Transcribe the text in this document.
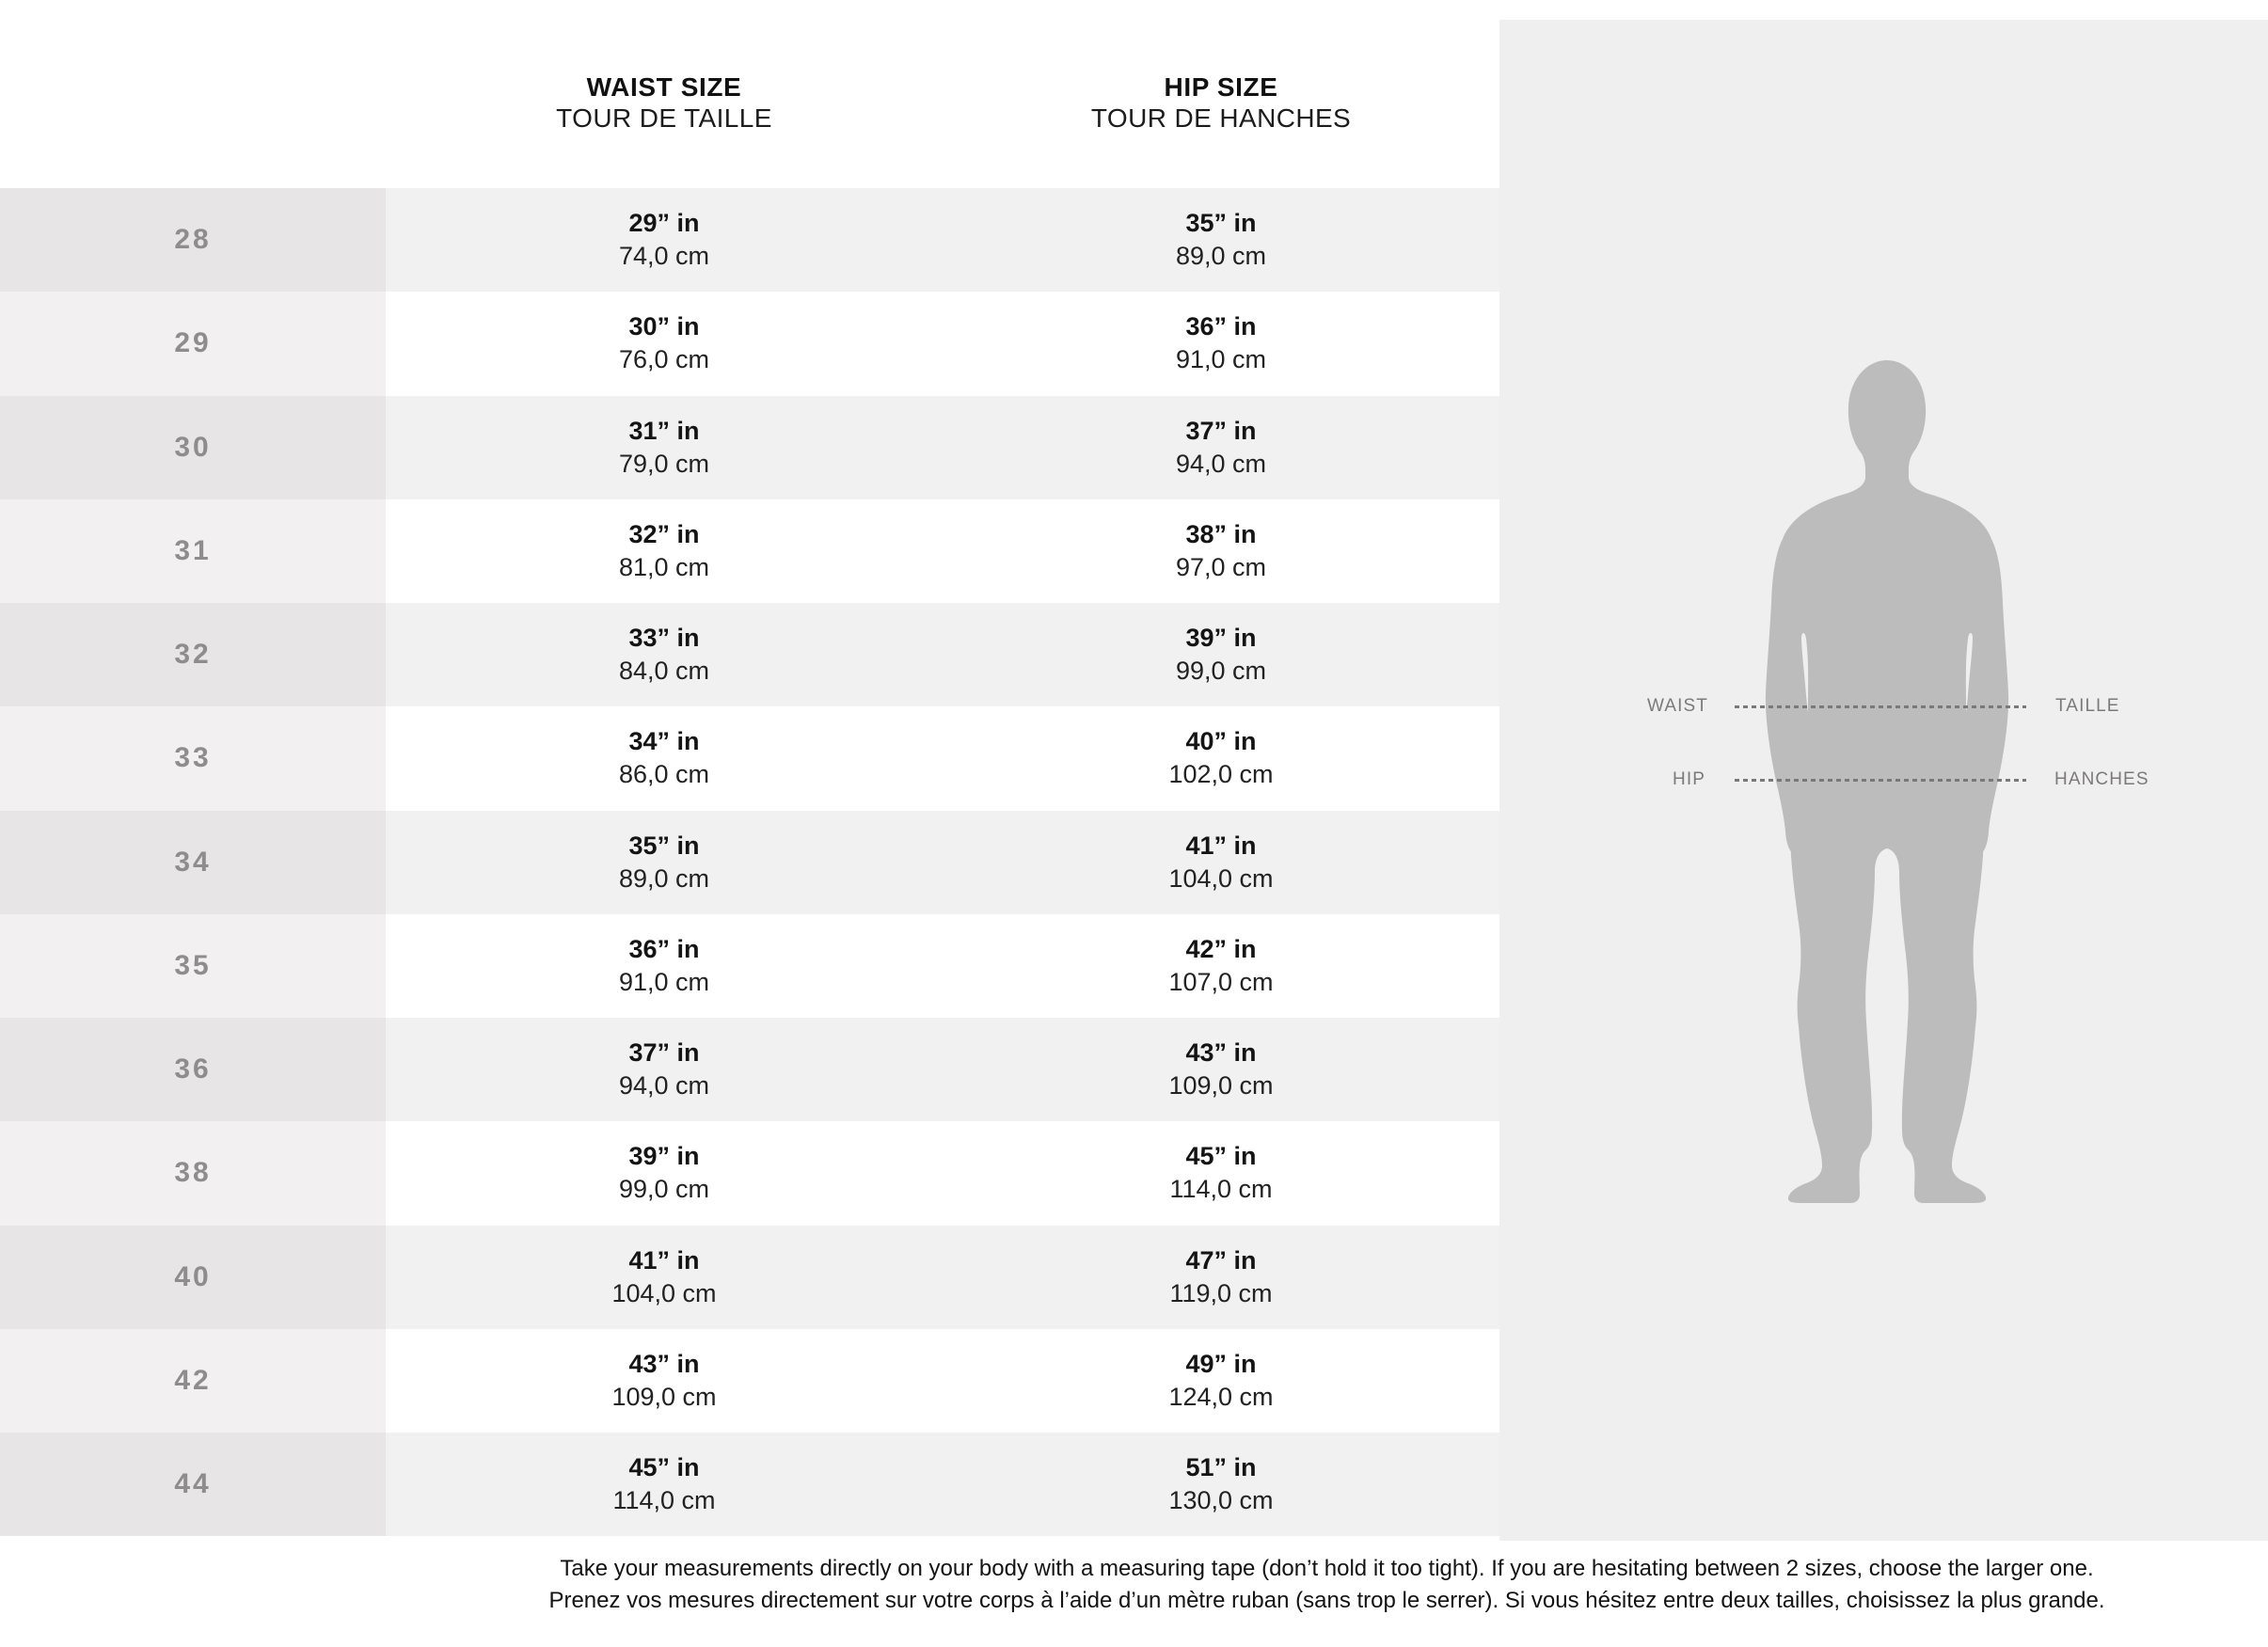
WAIST SIZE
TOUR DE TAILLE
HIP SIZE
TOUR DE HANCHES
28
29” in
74,0 cm
35” in
89,0 cm
29
30” in
76,0 cm
36” in
91,0 cm
30
31” in
79,0 cm
37” in
94,0 cm
31
32” in
81,0 cm
38” in
97,0 cm
32
33” in
84,0 cm
39” in
99,0 cm
33
34” in
86,0 cm
40” in
102,0 cm
34
35” in
89,0 cm
41” in
104,0 cm
35
36” in
91,0 cm
42” in
107,0 cm
36
37” in
94,0 cm
43” in
109,0 cm
38
39” in
99,0 cm
45” in
114,0 cm
40
41” in
104,0 cm
47” in
119,0 cm
42
43” in
109,0 cm
49” in
124,0 cm
44
45” in
114,0 cm
51” in
130,0 cm
WAIST	TAILLE
HIP	HANCHES
Take your measurements directly on your body with a measuring tape (don’t hold it too tight). If you are hesitating between 2 sizes, choose the larger one.
Prenez vos mesures directement sur votre corps à l’aide d’un mètre ruban (sans trop le serrer). Si vous hésitez entre deux tailles, choisissez la plus grande.
